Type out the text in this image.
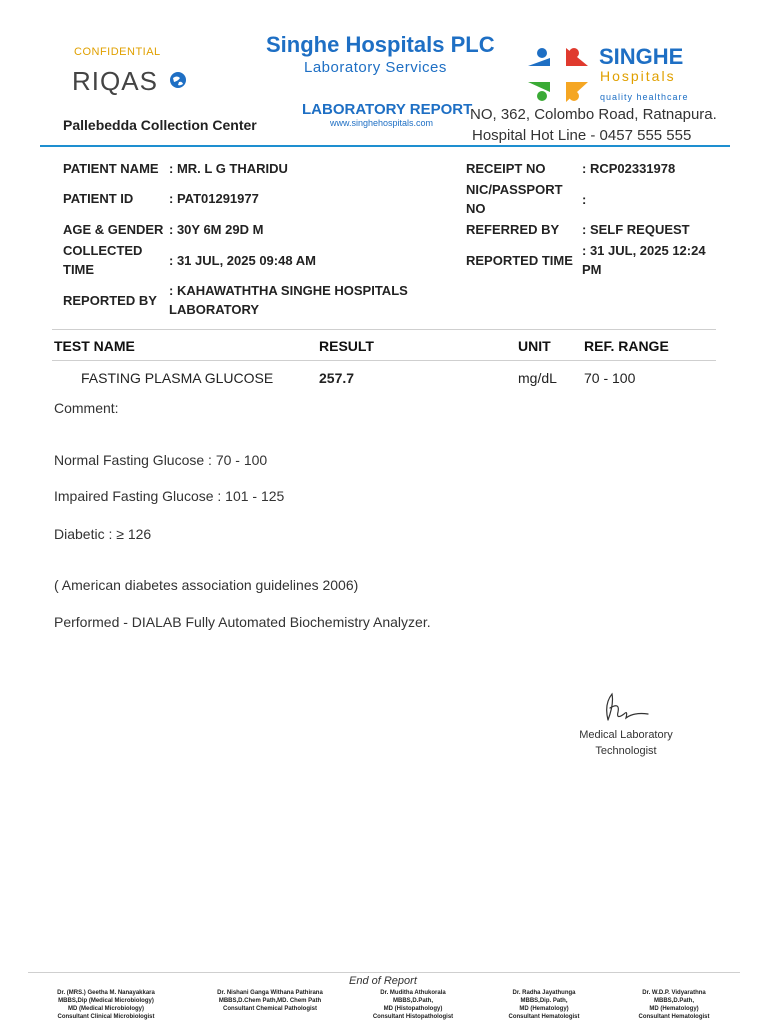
CONFIDENTIAL
RIQAS
Singhe Hospitals PLC
Laboratory Services
LABORATORY REPORT
www.singhehospitals.com
SINGHE
Hospitals
quality healthcare
NO, 362, Colombo Road, Ratnapura.
Hospital Hot Line - 0457 555 555
Pallebedda Collection Center
PATIENT NAME : MR. L G THARIDU
PATIENT ID	: PAT01291977
AGE & GENDER : 30Y 6M 29D M
COLLECTED
TIME
: 31 JUL, 2025 09:48 AM
REPORTED BY
: KAHAWATHTHA SINGHE HOSPITALS
LABORATORY
RECEIPT NO	: RCP02331978
NIC/PASSPORT
NO
:
REFERRED BY : SELF REQUEST
REPORTED TIME
: 31 JUL, 2025 12:24
PM
TEST NAME	RESULT	UNIT REF. RANGE
FASTING PLASMA GLUCOSE	257.7	mg/dL 70 - 100
Comment:
Normal Fasting Glucose : 70 - 100
Impaired Fasting Glucose : 101 - 125
Diabetic : ≥ 126
( American diabetes association guidelines 2006)
Performed - DIALAB Fully Automated Biochemistry Analyzer.
Medical Laboratory
Technologist
End of Report
Dr. (MRS.) Geetha M. Nanayakkara
MBBS,Dip (Medical Microbiology)
MD (Medical Microbiology)
Consultant Clinical Microbiologist
Dr. Nishani Ganga Withana Pathirana
MBBS,D.Chem Path,MD. Chem Path
Consultant Chemical Pathologist
Dr. Muditha Athukorala
MBBS,D.Path,
MD (Histopathology)
Consultant Histopathologist
Dr. Radha Jayathunga
MBBS,Dip. Path,
MD (Hematology)
Consultant Hematologist
Dr. W.D.P. Vidyarathna
MBBS,D.Path,
MD (Hematology)
Consultant Hematologist
